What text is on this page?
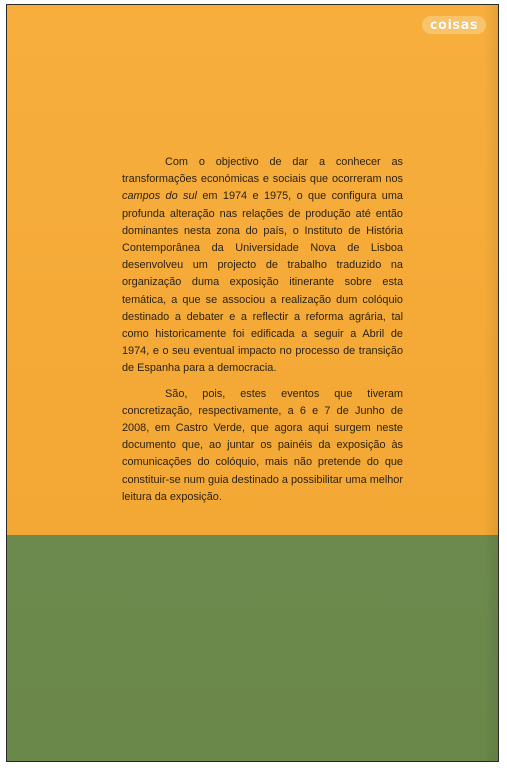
coisas

Com o objectivo de dar a conhecer as transformações económicas e sociais que ocorreram nos campos do sul em 1974 e 1975, o que configura uma profunda alteração nas relações de produção até então dominantes nesta zona do país, o Instituto de História Contemporânea da Universidade Nova de Lisboa desenvolveu um projecto de trabalho traduzido na organização duma exposição itinerante sobre esta temática, a que se associou a realização dum colóquio destinado a debater e a reflectir a reforma agrária, tal como historicamente foi edificada a seguir a Abril de 1974, e o seu eventual impacto no processo de transição de Espanha para a democracia.

São, pois, estes eventos que tiveram concretização, respectivamente, a 6 e 7 de Junho de 2008, em Castro Verde, que agora aqui surgem neste documento que, ao juntar os painéis da exposição às comunicações do colóquio, mais não pretende do que constituir-se num guia destinado a possibilitar uma melhor leitura da exposição.
